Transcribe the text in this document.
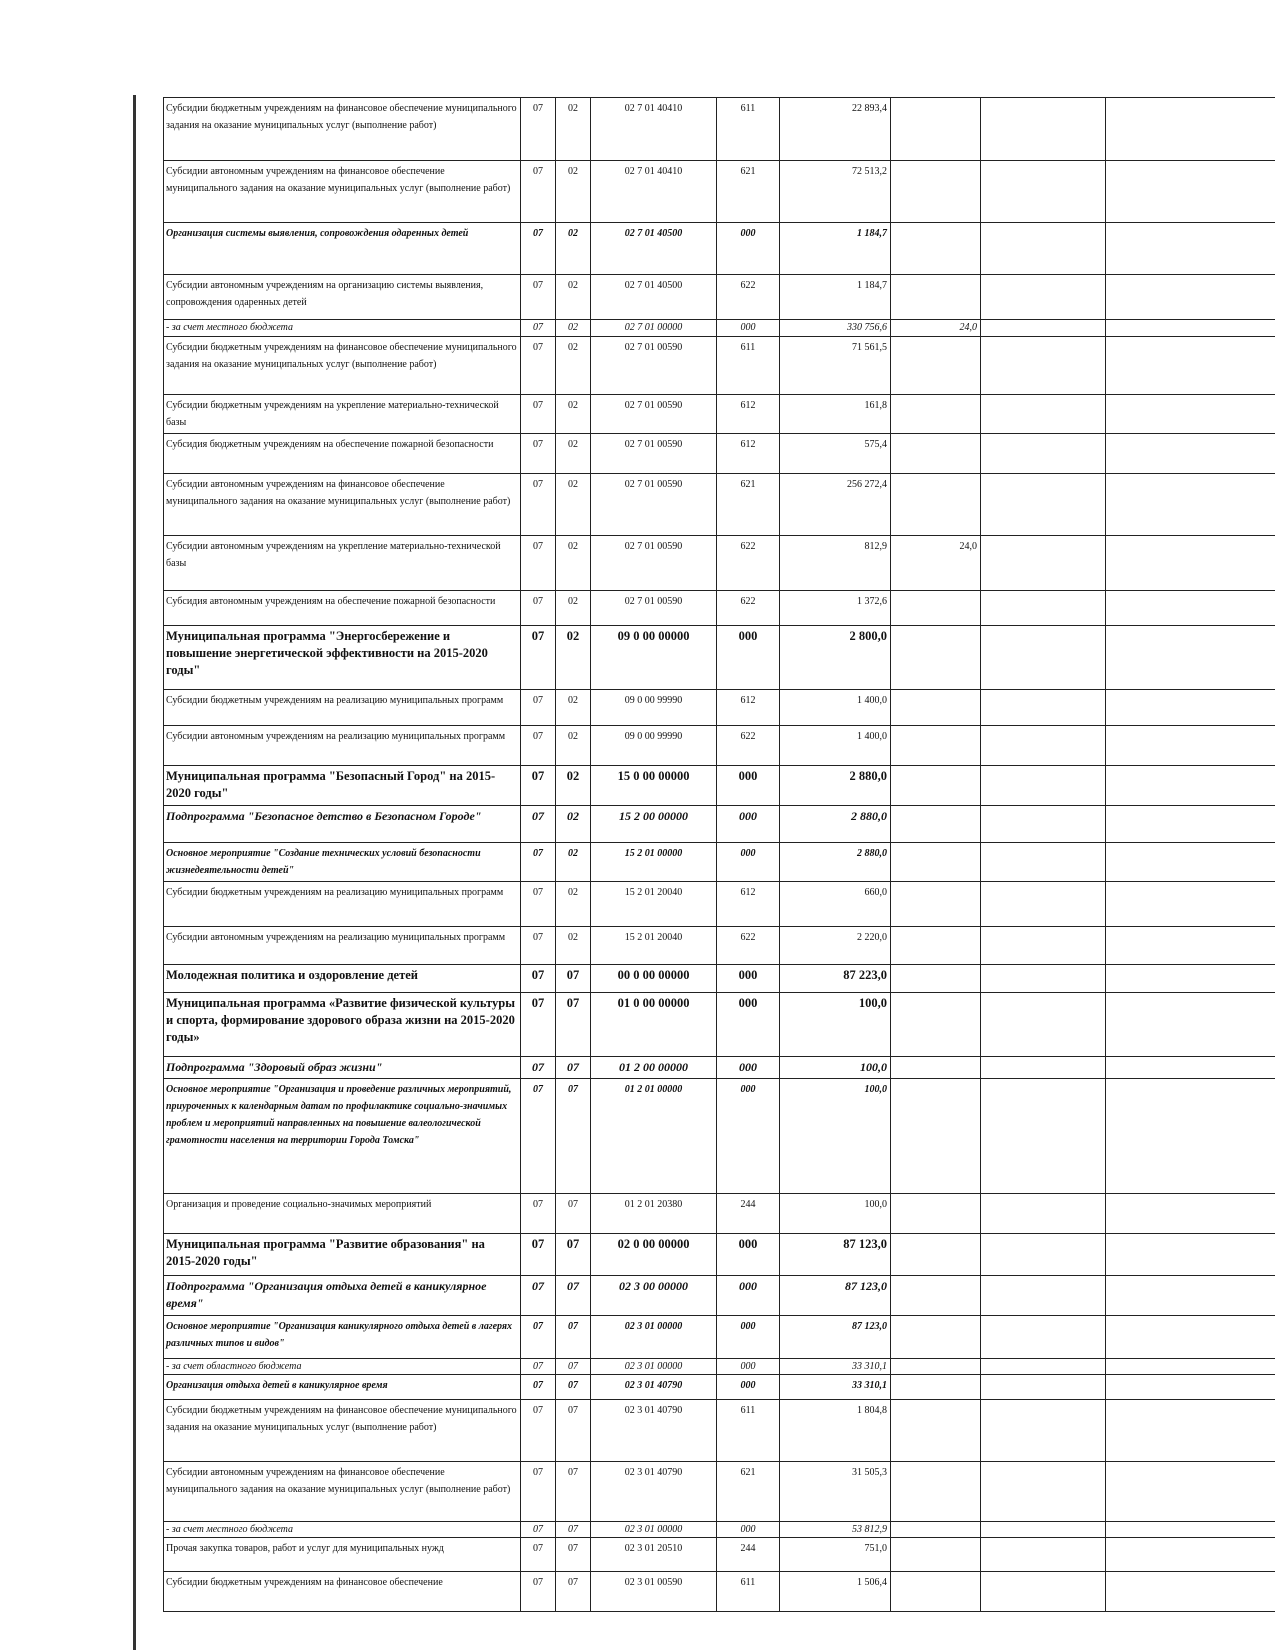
Субсидии бюджетным учреждениям на финансовое обеспечение муниципального задания на оказание муниципальных услуг (выполнение работ)	07	02	02 7 01 40410	611	22 893,4			
Субсидии автономным учреждениям на финансовое обеспечение муниципального задания на оказание муниципальных услуг (выполнение работ)	07	02	02 7 01 40410	621	72 513,2			
Организация системы выявления, сопровождения одаренных детей	07	02	02 7 01 40500	000	1 184,7			
Субсидии автономным учреждениям на организацию системы выявления, сопровождения одаренных детей	07	02	02 7 01 40500	622	1 184,7			
- за счет местного бюджета	07	02	02 7 01 00000	000	330 756,6	24,0		
Субсидии бюджетным учреждениям на финансовое обеспечение муниципального задания на оказание муниципальных услуг (выполнение работ)	07	02	02 7 01 00590	611	71 561,5			
Субсидии бюджетным учреждениям на укрепление материально-технической базы	07	02	02 7 01 00590	612	161,8			
Субсидия бюджетным учреждениям на обеспечение пожарной безопасности	07	02	02 7 01 00590	612	575,4			
Субсидии автономным учреждениям на финансовое обеспечение муниципального задания на оказание муниципальных услуг (выполнение работ)	07	02	02 7 01 00590	621	256 272,4			
Субсидии автономным учреждениям на укрепление материально-технической базы	07	02	02 7 01 00590	622	812,9	24,0		
Субсидия автономным учреждениям на обеспечение пожарной безопасности	07	02	02 7 01 00590	622	1 372,6			
Муниципальная программа "Энергосбережение и повышение энергетической эффективности на 2015-2020 годы"	07	02	09 0 00 00000	000	2 800,0			
Субсидии бюджетным учреждениям на реализацию муниципальных программ	07	02	09 0 00 99990	612	1 400,0			
Субсидии автономным учреждениям на реализацию муниципальных программ	07	02	09 0 00 99990	622	1 400,0			
Муниципальная программа "Безопасный Город" на 2015-2020 годы"	07	02	15 0 00 00000	000	2 880,0			
Подпрограмма "Безопасное детство в Безопасном Городе"	07	02	15 2 00 00000	000	2 880,0			
Основное мероприятие "Создание технических условий безопасности жизнедеятельности детей"	07	02	15 2 01 00000	000	2 880,0			
Субсидии бюджетным учреждениям на реализацию муниципальных программ	07	02	15 2 01 20040	612	660,0			
Субсидии автономным учреждениям на реализацию муниципальных программ	07	02	15 2 01 20040	622	2 220,0			
Молодежная политика и оздоровление детей	07	07	00 0 00 00000	000	87 223,0			
Муниципальная программа «Развитие физической культуры и спорта, формирование здорового образа жизни на 2015-2020 годы»	07	07	01 0 00 00000	000	100,0			
Подпрограмма "Здоровый образ жизни"	07	07	01 2 00 00000	000	100,0			
Основное мероприятие "Организация и проведение различных мероприятий, приуроченных к календарным датам по профилактике социально-значимых проблем и мероприятий направленных на повышение валеологической грамотности населения на территории Города Томска"	07	07	01 2 01 00000	000	100,0			
Организация и проведение социально-значимых мероприятий	07	07	01 2 01 20380	244	100,0			
Муниципальная программа "Развитие образования" на 2015-2020 годы"	07	07	02 0 00 00000	000	87 123,0			
Подпрограмма "Организация отдыха детей в каникулярное время"	07	07	02 3 00 00000	000	87 123,0			
Основное мероприятие "Организация каникулярного отдыха детей в лагерях различных типов и видов"	07	07	02 3 01 00000	000	87 123,0			
- за счет областного бюджета	07	07	02 3 01 00000	000	33 310,1			
Организация отдыха детей в каникулярное время	07	07	02 3 01 40790	000	33 310,1			
Субсидии бюджетным учреждениям на финансовое обеспечение муниципального задания на оказание муниципальных услуг (выполнение работ)	07	07	02 3 01 40790	611	1 804,8			
Субсидии автономным учреждениям на финансовое обеспечение муниципального задания на оказание муниципальных услуг (выполнение работ)	07	07	02 3 01 40790	621	31 505,3			
- за счет местного бюджета	07	07	02 3 01 00000	000	53 812,9			
Прочая закупка товаров, работ и услуг для муниципальных нужд	07	07	02 3 01 20510	244	751,0			
Субсидии бюджетным учреждениям на финансовое обеспечение	07	07	02 3 01 00590	611	1 506,4			
